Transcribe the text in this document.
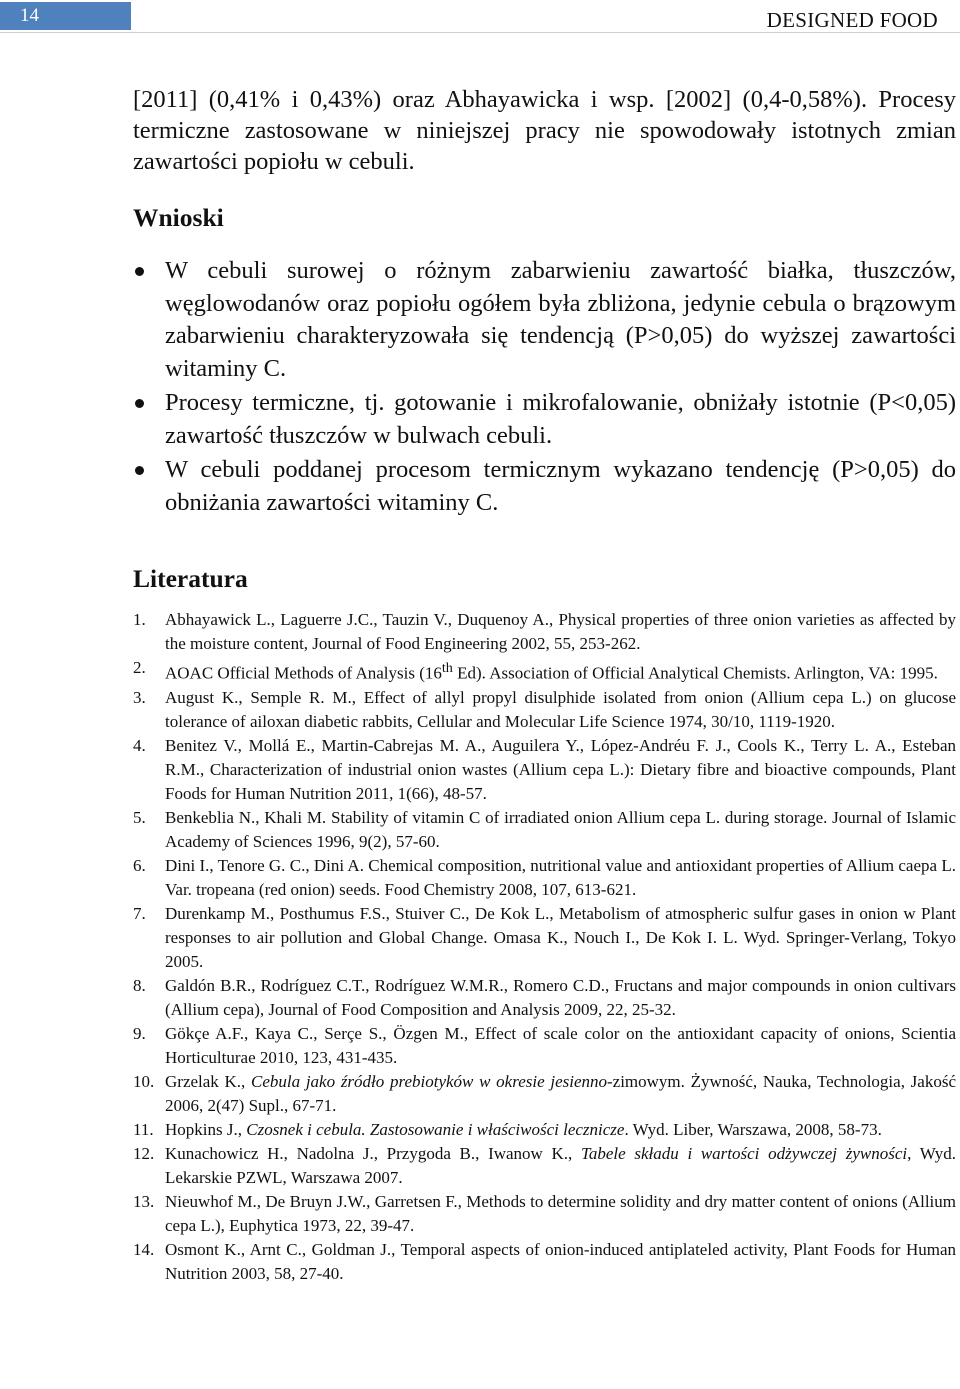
14	DESIGNED FOOD

[2011] (0,41% i 0,43%) oraz Abhayawicka i wsp. [2002] (0,4-0,58%). Procesy termiczne zastosowane w niniejszej pracy nie spowodowały istotnych zmian zawartości popiołu w cebuli.

Wnioski
W cebuli surowej o różnym zabarwieniu zawartość białka, tłuszczów, węglowodanów oraz popiołu ogółem była zbliżona, jedynie cebula o brązowym zabarwieniu charakteryzowała się tendencją (P>0,05) do wyższej zawartości witaminy C.
Procesy termiczne, tj. gotowanie i mikrofalowanie, obniżały istotnie (P<0,05) zawartość tłuszczów w bulwach cebuli.
W cebuli poddanej procesom termicznym wykazano tendencję (P>0,05) do obniżania zawartości witaminy C.
Literatura
1. Abhayawick L., Laguerre J.C., Tauzin V., Duquenoy A., Physical properties of three onion varieties as affected by the moisture content, Journal of Food Engineering 2002, 55, 253-262.
2. AOAC Official Methods of Analysis (16th Ed). Association of Official Analytical Chemists. Arlington, VA: 1995.
3. August K., Semple R. M., Effect of allyl propyl disulphide isolated from onion (Allium cepa L.) on glucose tolerance of ailoxan diabetic rabbits, Cellular and Molecular Life Science 1974, 30/10, 1119-1920.
4. Benitez V., Mollá E., Martin-Cabrejas M. A., Auguilera Y., López-Andréu F. J., Cools K., Terry L. A., Esteban R.M., Characterization of industrial onion wastes (Allium cepa L.): Dietary fibre and bioactive compounds, Plant Foods for Human Nutrition 2011, 1(66), 48-57.
5. Benkeblia N., Khali M. Stability of vitamin C of irradiated onion Allium cepa L. during storage. Journal of Islamic Academy of Sciences 1996, 9(2), 57-60.
6. Dini I., Tenore G. C., Dini A. Chemical composition, nutritional value and antioxidant properties of Allium caepa L. Var. tropeana (red onion) seeds. Food Chemistry 2008, 107, 613-621.
7. Durenkamp M., Posthumus F.S., Stuiver C., De Kok L., Metabolism of atmospheric sulfur gases in onion w Plant responses to air pollution and Global Change. Omasa K., Nouch I., De Kok I. L. Wyd. Springer-Verlang, Tokyo 2005.
8. Galdón B.R., Rodríguez C.T., Rodríguez W.M.R., Romero C.D., Fructans and major compounds in onion cultivars (Allium cepa), Journal of Food Composition and Analysis 2009, 22, 25-32.
9. Gökçe A.F., Kaya C., Serçe S., Özgen M., Effect of scale color on the antioxidant capacity of onions, Scientia Horticulturae 2010, 123, 431-435.
10. Grzelak K., Cebula jako źródło prebiotyków w okresie jesienno-zimowym. Żywność, Nauka, Technologia, Jakość 2006, 2(47) Supl., 67-71.
11. Hopkins J., Czosnek i cebula. Zastosowanie i właściwości lecznicze. Wyd. Liber, Warszawa, 2008, 58-73.
12. Kunachowicz H., Nadolna J., Przygoda B., Iwanow K., Tabele składu i wartości odżywczej żywności, Wyd. Lekarskie PZWL, Warszawa 2007.
13. Nieuwhof M., De Bruyn J.W., Garretsen F., Methods to determine solidity and dry matter content of onions (Allium cepa L.), Euphytica 1973, 22, 39-47.
14. Osmont K., Arnt C., Goldman J., Temporal aspects of onion-induced antiplateled activity, Plant Foods for Human Nutrition 2003, 58, 27-40.
